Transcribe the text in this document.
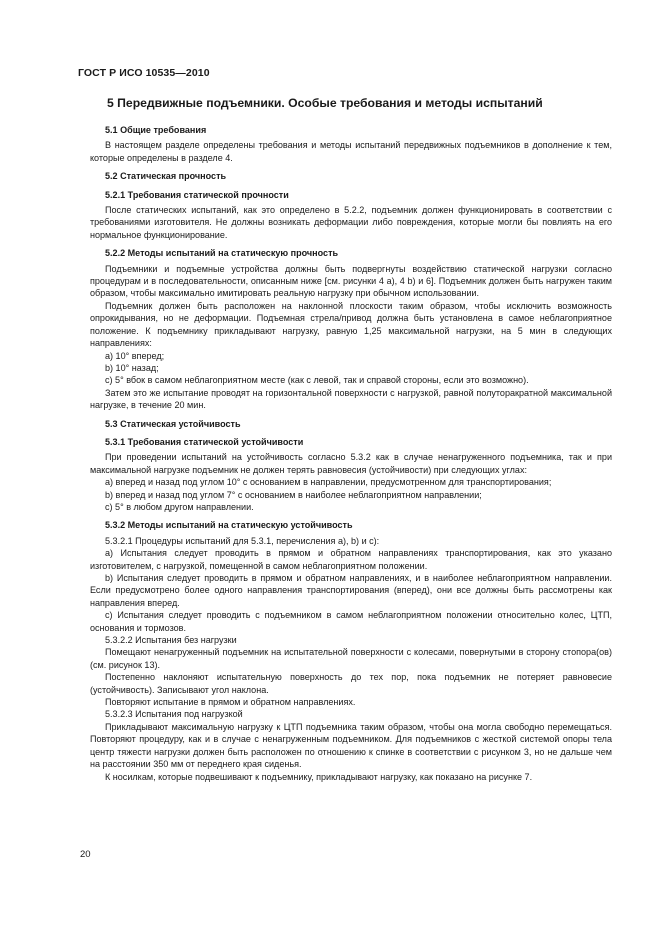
ГОСТ Р ИСО 10535—2010
5 Передвижные подъемники. Особые требования и методы испытаний
5.1 Общие требования

В настоящем разделе определены требования и методы испытаний передвижных подъемников в дополнение к тем, которые определены в разделе 4.

5.2 Статическая прочность
5.2.1 Требования статической прочности

После статических испытаний, как это определено в 5.2.2, подъемник должен функционировать в соответствии с требованиями изготовителя. Не должны возникать деформации либо повреждения, которые могли бы повлиять на его нормальное функционирование.

5.2.2 Методы испытаний на статическую прочность

Подъемники и подъемные устройства должны быть подвергнуты воздействию статической нагрузки согласно процедурам и в последовательности, описанным ниже [см. рисунки 4 а), 4 b) и 6]. Подъемник должен быть нагружен таким образом, чтобы максимально имитировать реальную нагрузку при обычном использовании.

Подъемник должен быть расположен на наклонной плоскости таким образом, чтобы исключить возможность опрокидывания, но не деформации. Подъемная стрела/привод должна быть установлена в самое неблагоприятное положение. К подъемнику прикладывают нагрузку, равную 1,25 максимальной нагрузки, на 5 мин в следующих направлениях:

a) 10° вперед;

b) 10° назад;

c) 5° вбок в самом неблагоприятном месте (как с левой, так и справой стороны, если это возможно).

Затем это же испытание проводят на горизонтальной поверхности с нагрузкой, равной полуторакратной максимальной нагрузке, в течение 20 мин.

5.3 Статическая устойчивость
5.3.1 Требования статической устойчивости

При проведении испытаний на устойчивость согласно 5.3.2 как в случае ненагруженного подъемника, так и при максимальной нагрузке подъемник не должен терять равновесия (устойчивости) при следующих углах:

a) вперед и назад под углом 10° с основанием в направлении, предусмотренном для транспортирования;

b) вперед и назад под углом 7° с основанием в наиболее неблагоприятном направлении;

c) 5° в любом другом направлении.

5.3.2 Методы испытаний на статическую устойчивость

5.3.2.1 Процедуры испытаний для 5.3.1, перечисления a), b) и c):

a) Испытания следует проводить в прямом и обратном направлениях транспортирования, как это указано изготовителем, с нагрузкой, помещенной в самом неблагоприятном положении.

b) Испытания следует проводить в прямом и обратном направлениях, и в наиболее неблагоприятном направлении. Если предусмотрено более одного направления транспортирования (вперед), они все должны быть рассмотрены как направления вперед.

c) Испытания следует проводить с подъемником в самом неблагоприятном положении относительно колес, ЦТП, основания и тормозов.

5.3.2.2 Испытания без нагрузки

Помещают ненагруженный подъемник на испытательной поверхности с колесами, повернутыми в сторону стопора(ов) (см. рисунок 13).

Постепенно наклоняют испытательную поверхность до тех пор, пока подъемник не потеряет равновесие (устойчивость). Записывают угол наклона.

Повторяют испытание в прямом и обратном направлениях.

5.3.2.3 Испытания под нагрузкой

Прикладывают максимальную нагрузку к ЦТП подъемника таким образом, чтобы она могла свободно перемещаться. Повторяют процедуру, как и в случае с ненагруженным подъемником. Для подъемников с жесткой системой опоры тела центр тяжести нагрузки должен быть расположен по отношению к спинке в соответствии с рисунком 3, но не дальше чем на расстоянии 350 мм от переднего края сиденья.

К носилкам, которые подвешивают к подъемнику, прикладывают нагрузку, как показано на рисунке 7.

20
